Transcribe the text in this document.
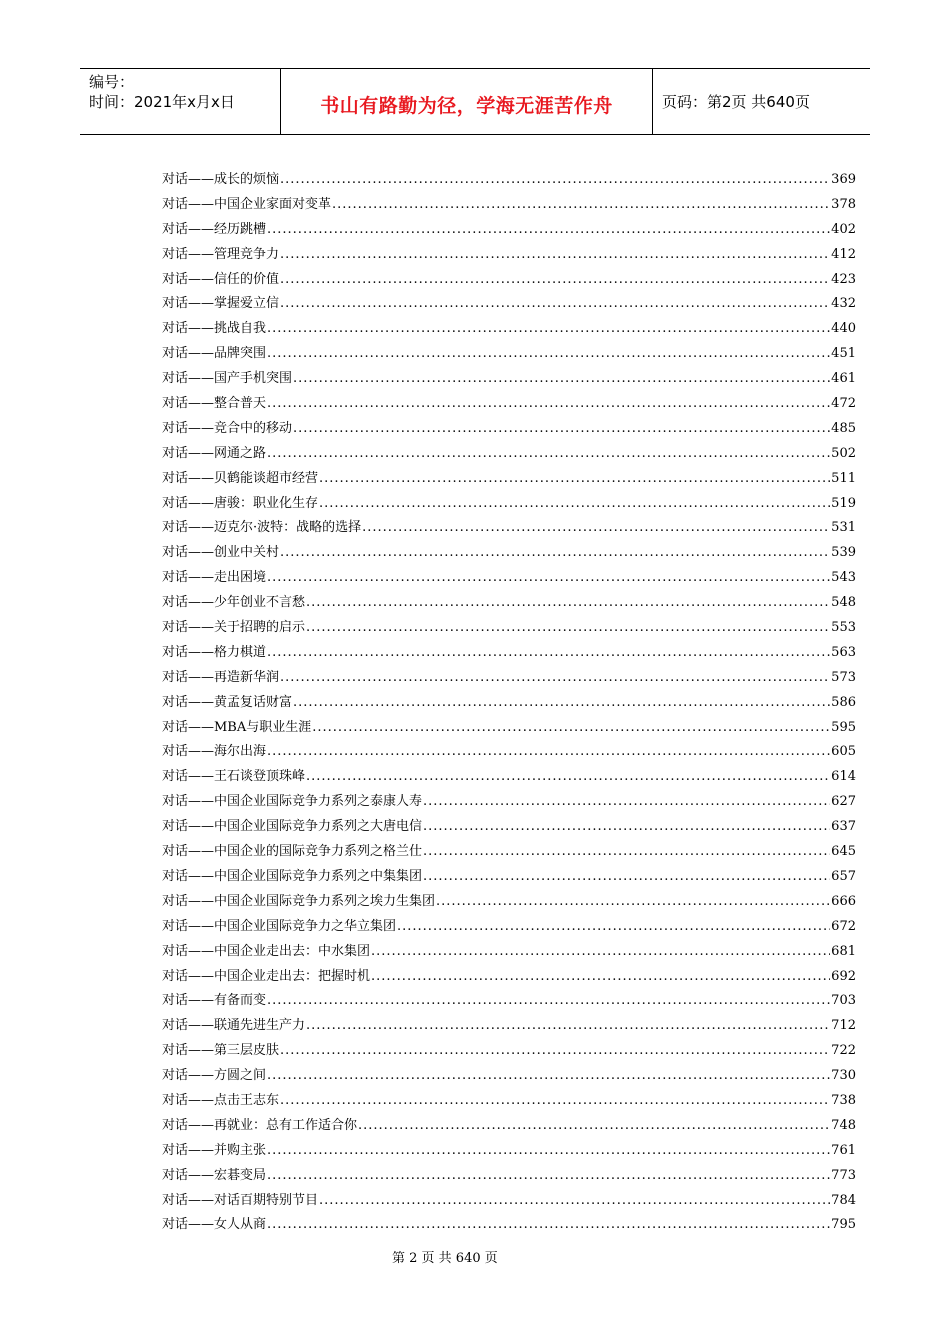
编号：
时间：2021年x月x日	书山有路勤为径，学海无涯苦作舟	页码：第2页 共640页
对话——成长的烦恼 .....	369
对话——中国企业家面对变革 .....	378
对话——经历跳槽 .....	402
对话——管理竞争力 .....	412
对话——信任的价值 .....	423
对话——掌握爱立信 .....	432
对话——挑战自我 .....	440
对话——品牌突围 .....	451
对话——国产手机突围 .....	461
对话——整合普天 .....	472
对话——竞合中的移动 .....	485
对话——网通之路 .....	502
对话——贝鹤能谈超市经营 .....	511
对话——唐骏：职业化生存 .....	519
对话——迈克尔·波特：战略的选择 .....	531
对话——创业中关村 .....	539
对话——走出困境 .....	543
对话——少年创业不言愁 .....	548
对话——关于招聘的启示 .....	553
对话——格力棋道 .....	563
对话——再造新华润 .....	573
对话——黄孟复话财富 .....	586
对话——MBA与职业生涯 .....	595
对话——海尔出海 .....	605
对话——王石谈登顶珠峰 .....	614
对话——中国企业国际竞争力系列之泰康人寿 .....	627
对话——中国企业国际竞争力系列之大唐电信 .....	637
对话——中国企业的国际竞争力系列之格兰仕 .....	645
对话——中国企业国际竞争力系列之中集集团 .....	657
对话——中国企业国际竞争力系列之埃力生集团 .....	666
对话——中国企业国际竞争力之华立集团 .....	672
对话——中国企业走出去：中水集团 .....	681
对话——中国企业走出去：把握时机 .....	692
对话——有备而变 .....	703
对话——联通先进生产力 .....	712
对话——第三层皮肤 .....	722
对话——方圆之间 .....	730
对话——点击王志东 .....	738
对话——再就业：总有工作适合你 .....	748
对话——并购主张 .....	761
对话——宏碁变局 .....	773
对话——对话百期特别节目 .....	784
对话——女人从商 .....	795
第 2 页 共 640 页
